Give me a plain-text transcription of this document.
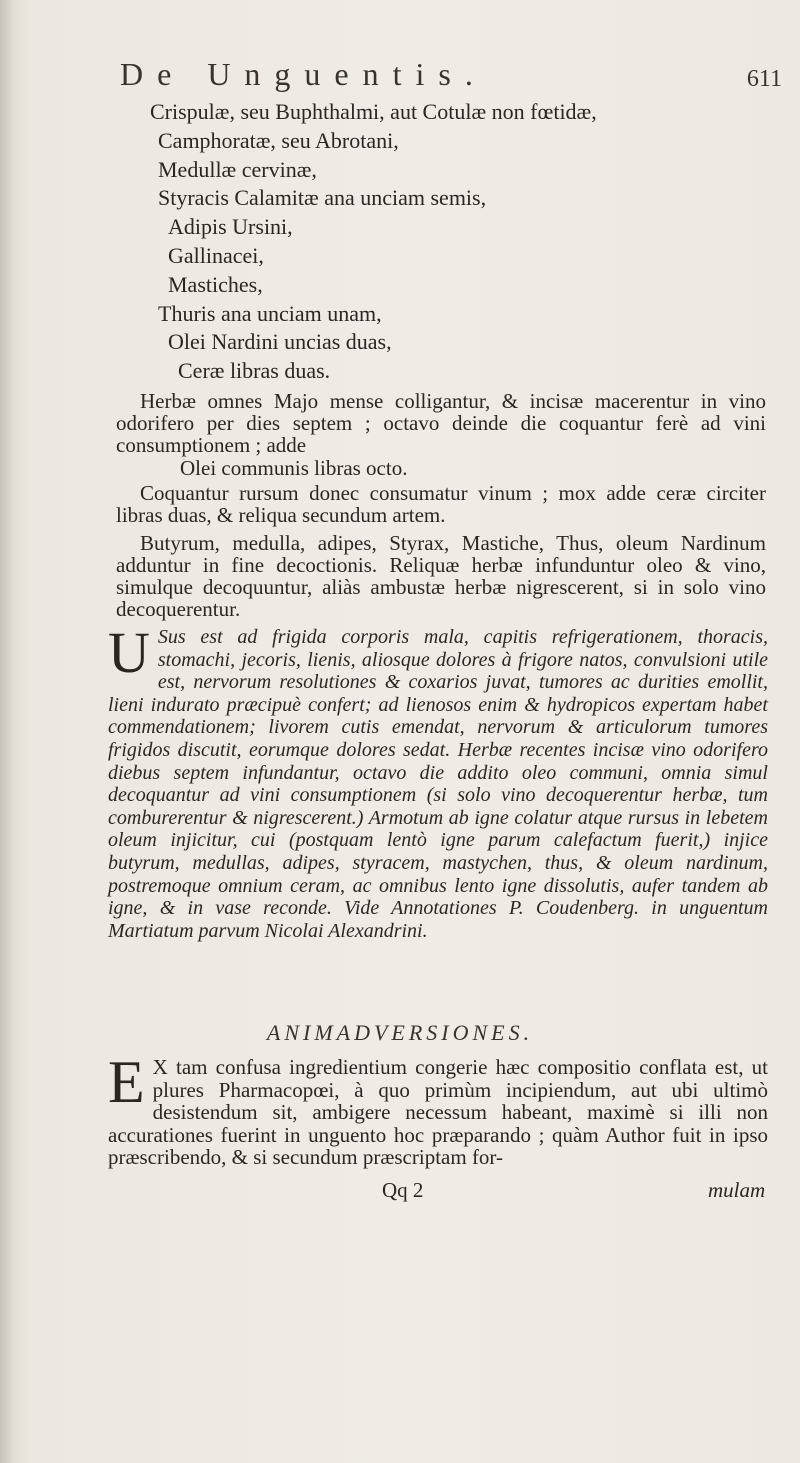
De Unguentis.	611
Crispulæ, seu Buphthalmi, aut Cotulæ non fœtidæ,
Camphoratæ, seu Abrotani,
Medullæ cervinæ,
Styracis Calamitæ ana unciam semis,
Adipis Ursini,
Gallinacei,
Mastiches,
Thuris ana unciam unam,
Olei Nardini uncias duas,
Ceræ libras duas.

Herbæ omnes Majo mense colligantur, & incisæ macerentur in vino odorifero per dies septem ; octavo deinde die coquantur ferè ad vini consumptionem ; adde

Olei communis libras octo.

Coquantur rursum donec consumatur vinum ; mox adde ceræ circiter libras duas, & reliqua secundum artem.

Butyrum, medulla, adipes, Styrax, Mastiche, Thus, oleum Nardinum adduntur in fine decoctionis. Reliquæ herbæ infunduntur oleo & vino, simulque decoquuntur, aliàs ambustæ herbæ nigrescerent, si in solo vino decoquerentur.

U Sus est ad frigida corporis mala, capitis refrigerationem, thoracis, stomachi, jecoris, lienis, aliosque dolores à frigore natos, convulsioni utile est, nervorum resolutiones & coxarios juvat, tumores ac durities emollit, lieni indurato præcipuè confert; ad lienosos enim & hydropicos expertam habet commendationem; livorem cutis emendat, nervorum & articulorum tumores frigidos discutit, eorumque dolores sedat. Herbæ recentes incisæ vino odorifero diebus septem infundantur, octavo die addito oleo communi, omnia simul decoquantur ad vini consumptionem (si solo vino decoquerentur herbæ, tum comburerentur & nigrescerent.) Armotum ab igne colatur atque rursus in lebetem oleum injicitur, cui (postquam lentò igne parum calefactum fuerit,) injice butyrum, medullas, adipes, styracem, mastychen, thus, & oleum nardinum, postremoque omnium ceram, ac omnibus lento igne dissolutis, aufer tandem ab igne, & in vase reconde. Vide Annotationes P. Coudenberg. in unguentum Martiatum parvum Nicolai Alexandrini.
ANIMADVERSIONES.
E X tam confusa ingredientium congerie hæc compositio conflata est, ut plures Pharmacopœi, à quo primùm incipiendum, aut ubi ultimò desistendum sit, ambigere necessum habeant, maximè si illi non accurationes fuerint in unguento hoc præparando ; quàm Author fuit in ipso præscribendo, & si secundum præscriptam for-
Qq 2	mulam
